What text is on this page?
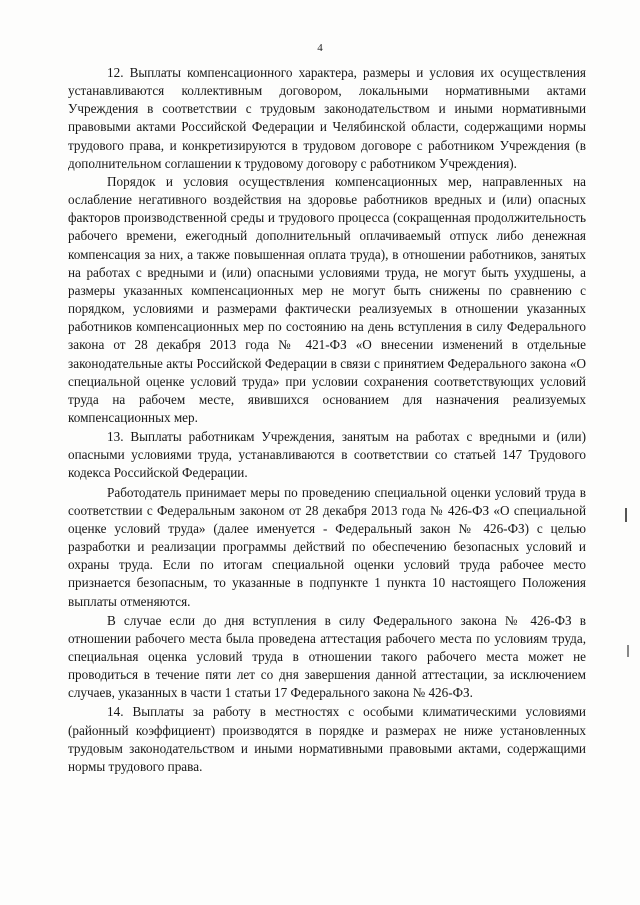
4

12. Выплаты компенсационного характера, размеры и условия их осуществления устанавливаются коллективным договором, локальными нормативными актами Учреждения в соответствии с трудовым законодательством и иными нормативными правовыми актами Российской Федерации и Челябинской области, содержащими нормы трудового права, и конкретизируются в трудовом договоре с работником Учреждения (в дополнительном соглашении к трудовому договору с работником Учреждения).

Порядок и условия осуществления компенсационных мер, направленных на ослабление негативного воздействия на здоровье работников вредных и (или) опасных факторов производственной среды и трудового процесса (сокращенная продолжительность рабочего времени, ежегодный дополнительный оплачиваемый отпуск либо денежная компенсация за них, а также повышенная оплата труда), в отношении работников, занятых на работах с вредными и (или) опасными условиями труда, не могут быть ухудшены, а размеры указанных компенсационных мер не могут быть снижены по сравнению с порядком, условиями и размерами фактически реализуемых в отношении указанных работников компенсационных мер по состоянию на день вступления в силу Федерального закона от 28 декабря 2013 года № 421-ФЗ «О внесении изменений в отдельные законодательные акты Российской Федерации в связи с принятием Федерального закона «О специальной оценке условий труда» при условии сохранения соответствующих условий труда на рабочем месте, явившихся основанием для назначения реализуемых компенсационных мер.

13. Выплаты работникам Учреждения, занятым на работах с вредными и (или) опасными условиями труда, устанавливаются в соответствии со статьей 147 Трудового кодекса Российской Федерации.

Работодатель принимает меры по проведению специальной оценки условий труда в соответствии с Федеральным законом от 28 декабря 2013 года № 426-ФЗ «О специальной оценке условий труда» (далее именуется - Федеральный закон № 426-ФЗ) с целью разработки и реализации программы действий по обеспечению безопасных условий и охраны труда. Если по итогам специальной оценки условий труда рабочее место признается безопасным, то указанные в подпункте 1 пункта 10 настоящего Положения выплаты отменяются.

В случае если до дня вступления в силу Федерального закона № 426-ФЗ в отношении рабочего места была проведена аттестация рабочего места по условиям труда, специальная оценка условий труда в отношении такого рабочего места может не проводиться в течение пяти лет со дня завершения данной аттестации, за исключением случаев, указанных в части 1 статьи 17 Федерального закона № 426-ФЗ.

14. Выплаты за работу в местностях с особыми климатическими условиями (районный коэффициент) производятся в порядке и размерах не ниже установленных трудовым законодательством и иными нормативными правовыми актами, содержащими нормы трудового права.
